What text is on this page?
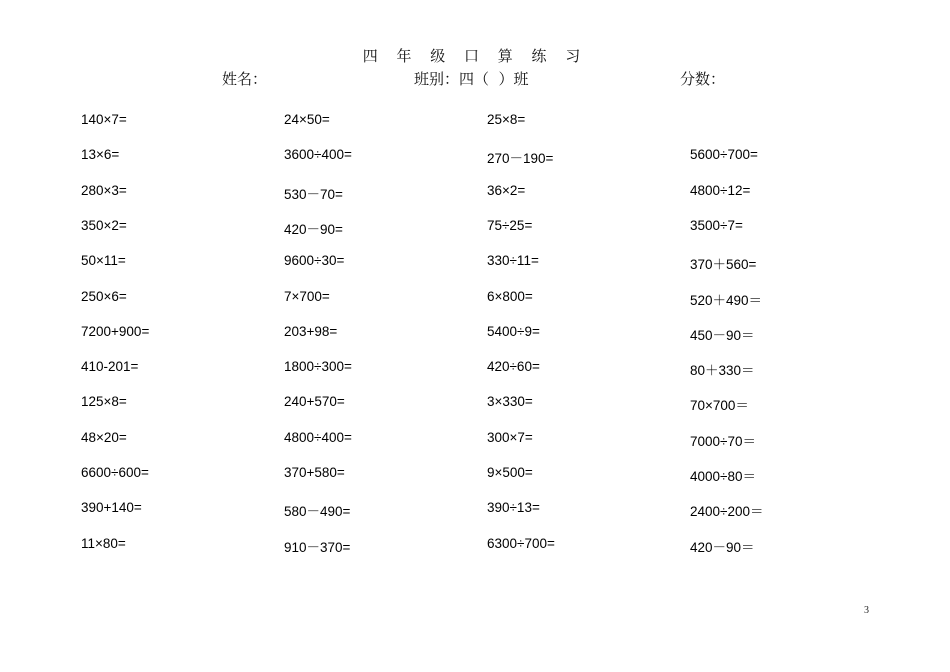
四 年 级 口 算 练 习
姓名：	班别：四（  ）班	分数：
140×7=	24×50=	25×8=
13×6=	3600÷400=	270－190=	5600÷700=
280×3=	530－70=	36×2=	4800÷12=
350×2=	420－90=	75÷25=	3500÷7=
50×11=	9600÷30=	330÷11=	370＋560=
250×6=	7×700=	6×800=	520＋490＝
7200+900=	203+98=	5400÷9=	450－90＝
410-201=	1800÷300=	420÷60=	80＋330＝
125×8=	240+570=	3×330=	70×700＝
48×20=	4800÷400=	300×7=	7000÷70＝
6600÷600=	370+580=	9×500=	4000÷80＝
390+140=	580－490=	390÷13=	2400÷200＝
11×80=	910－370=	6300÷700=	420－90＝
3
